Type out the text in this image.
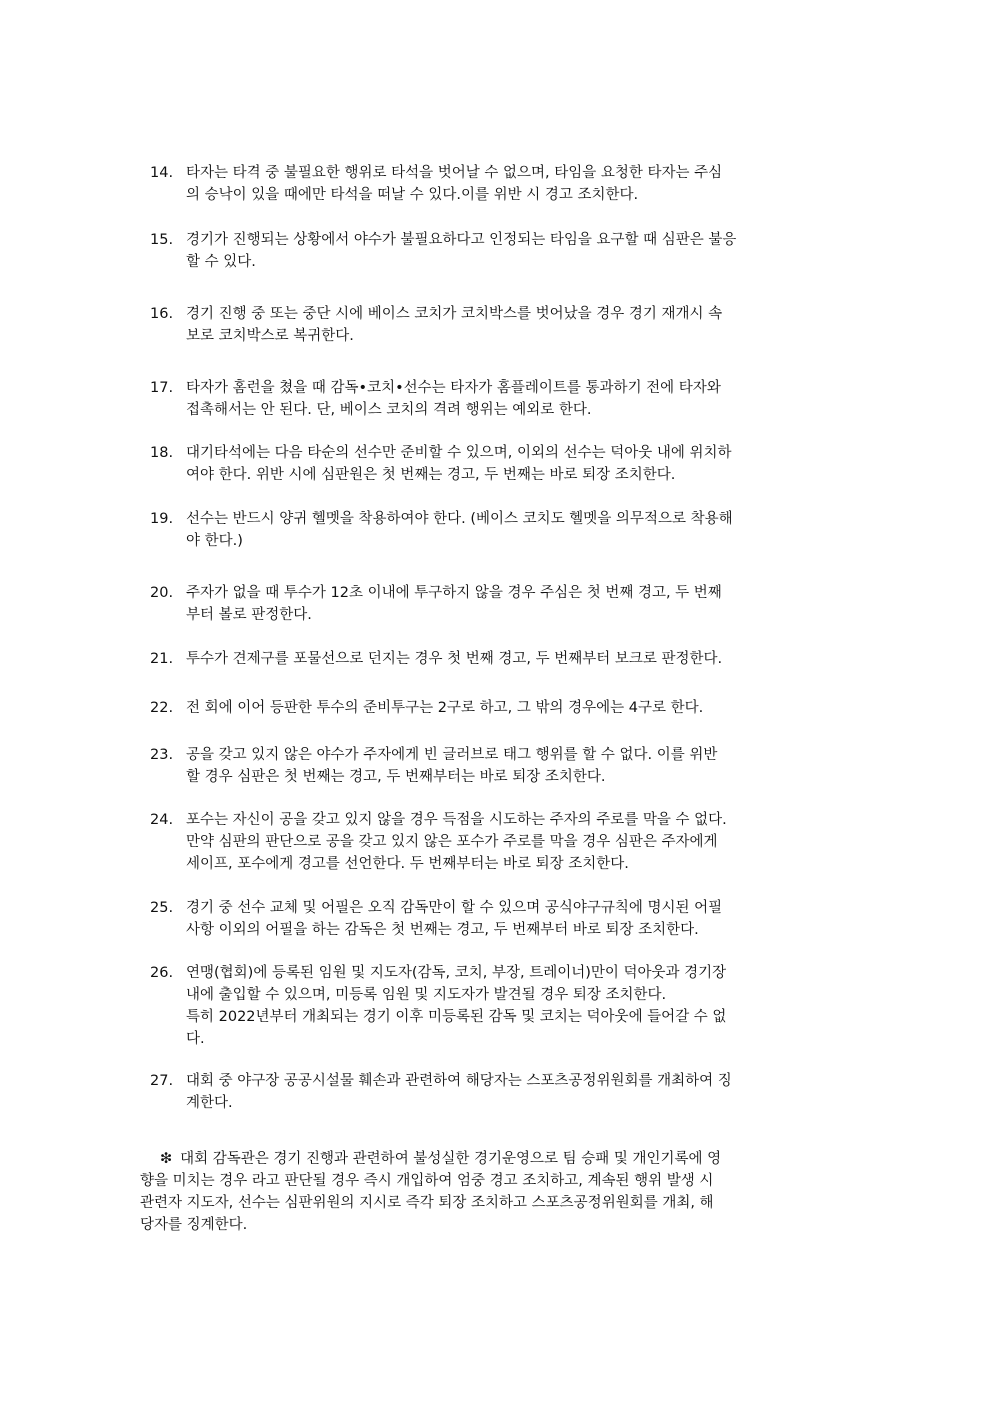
14. 타자는 타격 중 불필요한 행위로 타석을 벗어날 수 없으며, 타임을 요청한 타자는 주심
의 승낙이 있을 때에만 타석을 떠날 수 있다.이를 위반 시 경고 조치한다.
15. 경기가 진행되는 상황에서 야수가 불필요하다고 인정되는 타임을 요구할 때 심판은 불응
할 수 있다.
16. 경기 진행 중 또는 중단 시에 베이스 코치가 코치박스를 벗어났을 경우 경기 재개시 속
보로 코치박스로 복귀한다.
17. 타자가 홈런을 쳤을 때 감독•코치•선수는 타자가 홈플레이트를 통과하기 전에 타자와
접촉해서는 안 된다. 단, 베이스 코치의 격려 행위는 예외로 한다.
18. 대기타석에는 다음 타순의 선수만 준비할 수 있으며, 이외의 선수는 덕아웃 내에 위치하
여야 한다. 위반 시에 심판원은 첫 번째는 경고, 두 번째는 바로 퇴장 조치한다.
19. 선수는 반드시 양귀 헬멧을 착용하여야 한다. (베이스 코치도 헬멧을 의무적으로 착용해
야 한다.)
20. 주자가 없을 때 투수가 12초 이내에 투구하지 않을 경우 주심은 첫 번째 경고, 두 번째
부터 볼로 판정한다.
21. 투수가 견제구를 포물선으로 던지는 경우 첫 번째 경고, 두 번째부터 보크로 판정한다.
22. 전 회에 이어 등판한 투수의 준비투구는 2구로 하고, 그 밖의 경우에는 4구로 한다.
23. 공을 갖고 있지 않은 야수가 주자에게 빈 글러브로 태그 행위를 할 수 없다. 이를 위반
할 경우 심판은 첫 번째는 경고, 두 번째부터는 바로 퇴장 조치한다.
24. 포수는 자신이 공을 갖고 있지 않을 경우 득점을 시도하는 주자의 주로를 막을 수 없다.
만약 심판의 판단으로 공을 갖고 있지 않은 포수가 주로를 막을 경우 심판은 주자에게
세이프, 포수에게 경고를 선언한다. 두 번째부터는 바로 퇴장 조치한다.
25. 경기 중 선수 교체 및 어필은 오직 감독만이 할 수 있으며 공식야구규칙에 명시된 어필
사항 이외의 어필을 하는 감독은 첫 번째는 경고, 두 번째부터 바로 퇴장 조치한다.
26. 연맹(협회)에 등록된 임원 및 지도자(감독, 코치, 부장, 트레이너)만이 덕아웃과 경기장
내에 출입할 수 있으며, 미등록 임원 및 지도자가 발견될 경우 퇴장 조치한다.
특히 2022년부터 개최되는 경기 이후 미등록된 감독 및 코치는 덕아웃에 들어갈 수 없
다.
27. 대회 중 야구장 공공시설물 훼손과 관련하여 해당자는 스포츠공정위원회를 개최하여 징
계한다.
❇ 대회 감독관은 경기 진행과 관련하여 불성실한 경기운영으로 팀 승패 및 개인기록에 영
향을 미치는 경우 라고 판단될 경우 즉시 개입하여 엄중 경고 조치하고, 계속된 행위 발생 시
관련자 지도자, 선수는 심판위원의 지시로 즉각 퇴장 조치하고 스포츠공정위원회를 개최, 해
당자를 징계한다.
